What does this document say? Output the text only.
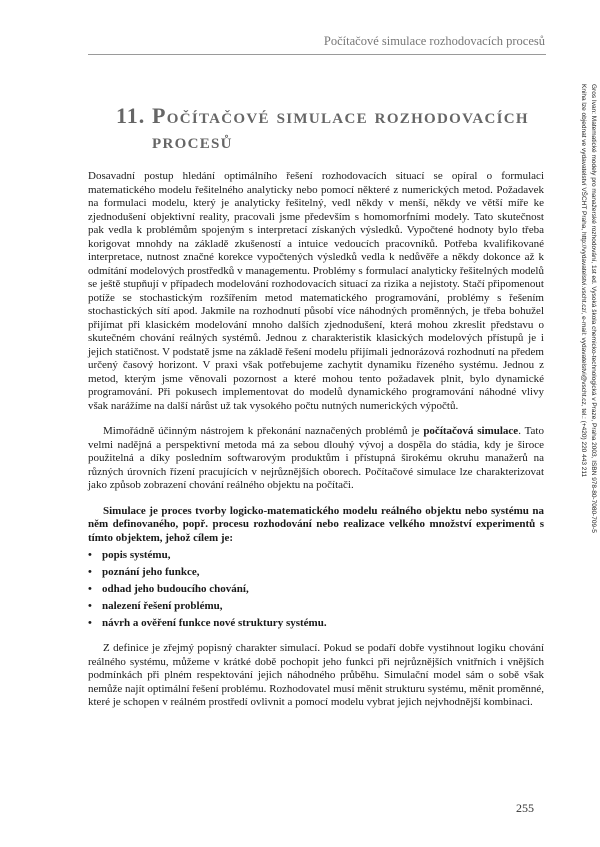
Počítačové simulace rozhodovacích procesů
11. Počítačové simulace rozhodovacích procesů

Dosavadní postup hledání optimálního řešení rozhodovacích situací se opíral o formulaci matematického modelu řešitelného analyticky nebo pomocí některé z numerických metod. Požadavek na formulaci modelu, který je analyticky řešitelný, vedl někdy v menší, někdy ve větší míře ke zjednodušení objektivní reality, pracovali jsme především s homomorfními modely. Tato skutečnost pak vedla k problémům spojeným s interpretací získaných výsledků. Vypočtené hodnoty bylo třeba korigovat mnohdy na základě zkušeností a intuice vedoucích pracovníků. Potřeba kvalifikované interpretace, nutnost značné korekce vypočtených výsledků vedla k nedůvěře a někdy dokonce až k odmítání modelových prostředků v managementu. Problémy s formulací analyticky řešitelných modelů se ještě stupňují v případech modelování rozhodovacích situací za rizika a nejistoty. Stačí připomenout potíže se stochastickým rozšířením metod matematického programování, problémy s řešením stochastických sítí apod. Jakmile na rozhodnutí působí více náhodných proměnných, je třeba bohužel přijímat při klasickém modelování mnoho dalších zjednodušení, která mohou zkreslit představu o skutečném chování reálných systémů. Jednou z charakteristik klasických modelových přístupů je i jejich statičnost. V podstatě jsme na základě řešení modelu přijímali jednorázová rozhodnutí na předem určený časový horizont. V praxi však potřebujeme zachytit dynamiku řízeného systému. Jednou z metod, kterým jsme věnovali pozornost a které mohou tento požadavek plnit, bylo dynamické programování. Při pokusech implementovat do modelů dynamického programování náhodné vlivy však narážíme na další nárůst už tak vysokého počtu nutných numerických výpočtů.

Mimořádně účinným nástrojem k překonání naznačených problémů je počítačová simulace. Tato velmi nadějná a perspektivní metoda má za sebou dlouhý vývoj a dospěla do stádia, kdy je široce použitelná a díky posledním softwarovým produktům i přístupná širokému okruhu manažerů na různých úrovních řízení pracujících v nejrůznějších oborech. Počítačové simulace lze charakterizovat jako způsob zobrazení chování reálného objektu na počítači.

Simulace je proces tvorby logicko-matematického modelu reálného objektu nebo systému na něm definovaného, popř. procesu rozhodování nebo realizace velkého množství experimentů s tímto objektem, jehož cílem je:

• popis systému,
• poznání jeho funkce,
• odhad jeho budoucího chování,
• nalezení řešení problému,
• návrh a ověření funkce nové struktury systému.

Z definice je zřejmý popisný charakter simulací. Pokud se podaří dobře vystihnout logiku chování reálného systému, můžeme v krátké době pochopit jeho funkci při nejrůznějších vnitřních i vnějších podmínkách při plném respektování jejich náhodného průběhu. Simulační model sám o sobě však nemůže najít optimální řešení problému. Rozhodovatel musí měnit strukturu systému, měnit proměnné, které je schopen v reálném prostředí ovlivnit a pomocí modelu vybrat jejich nejvhodnější kombinaci.

Gros Ivan: Matematické modely pro manažerské rozhodování, 1st ed. Vysoká škola chemicko-technologická v Praze, Praha 2003, ISBN 978-80-7080-709-5
Kniha lze objednat ve vydavatelství VŠCHT Praha, http://vydavatelstvi.vscht.cz/, e-mail: vydavatelstvi@vscht.cz, tel.: (+420) 220 443 211
255
